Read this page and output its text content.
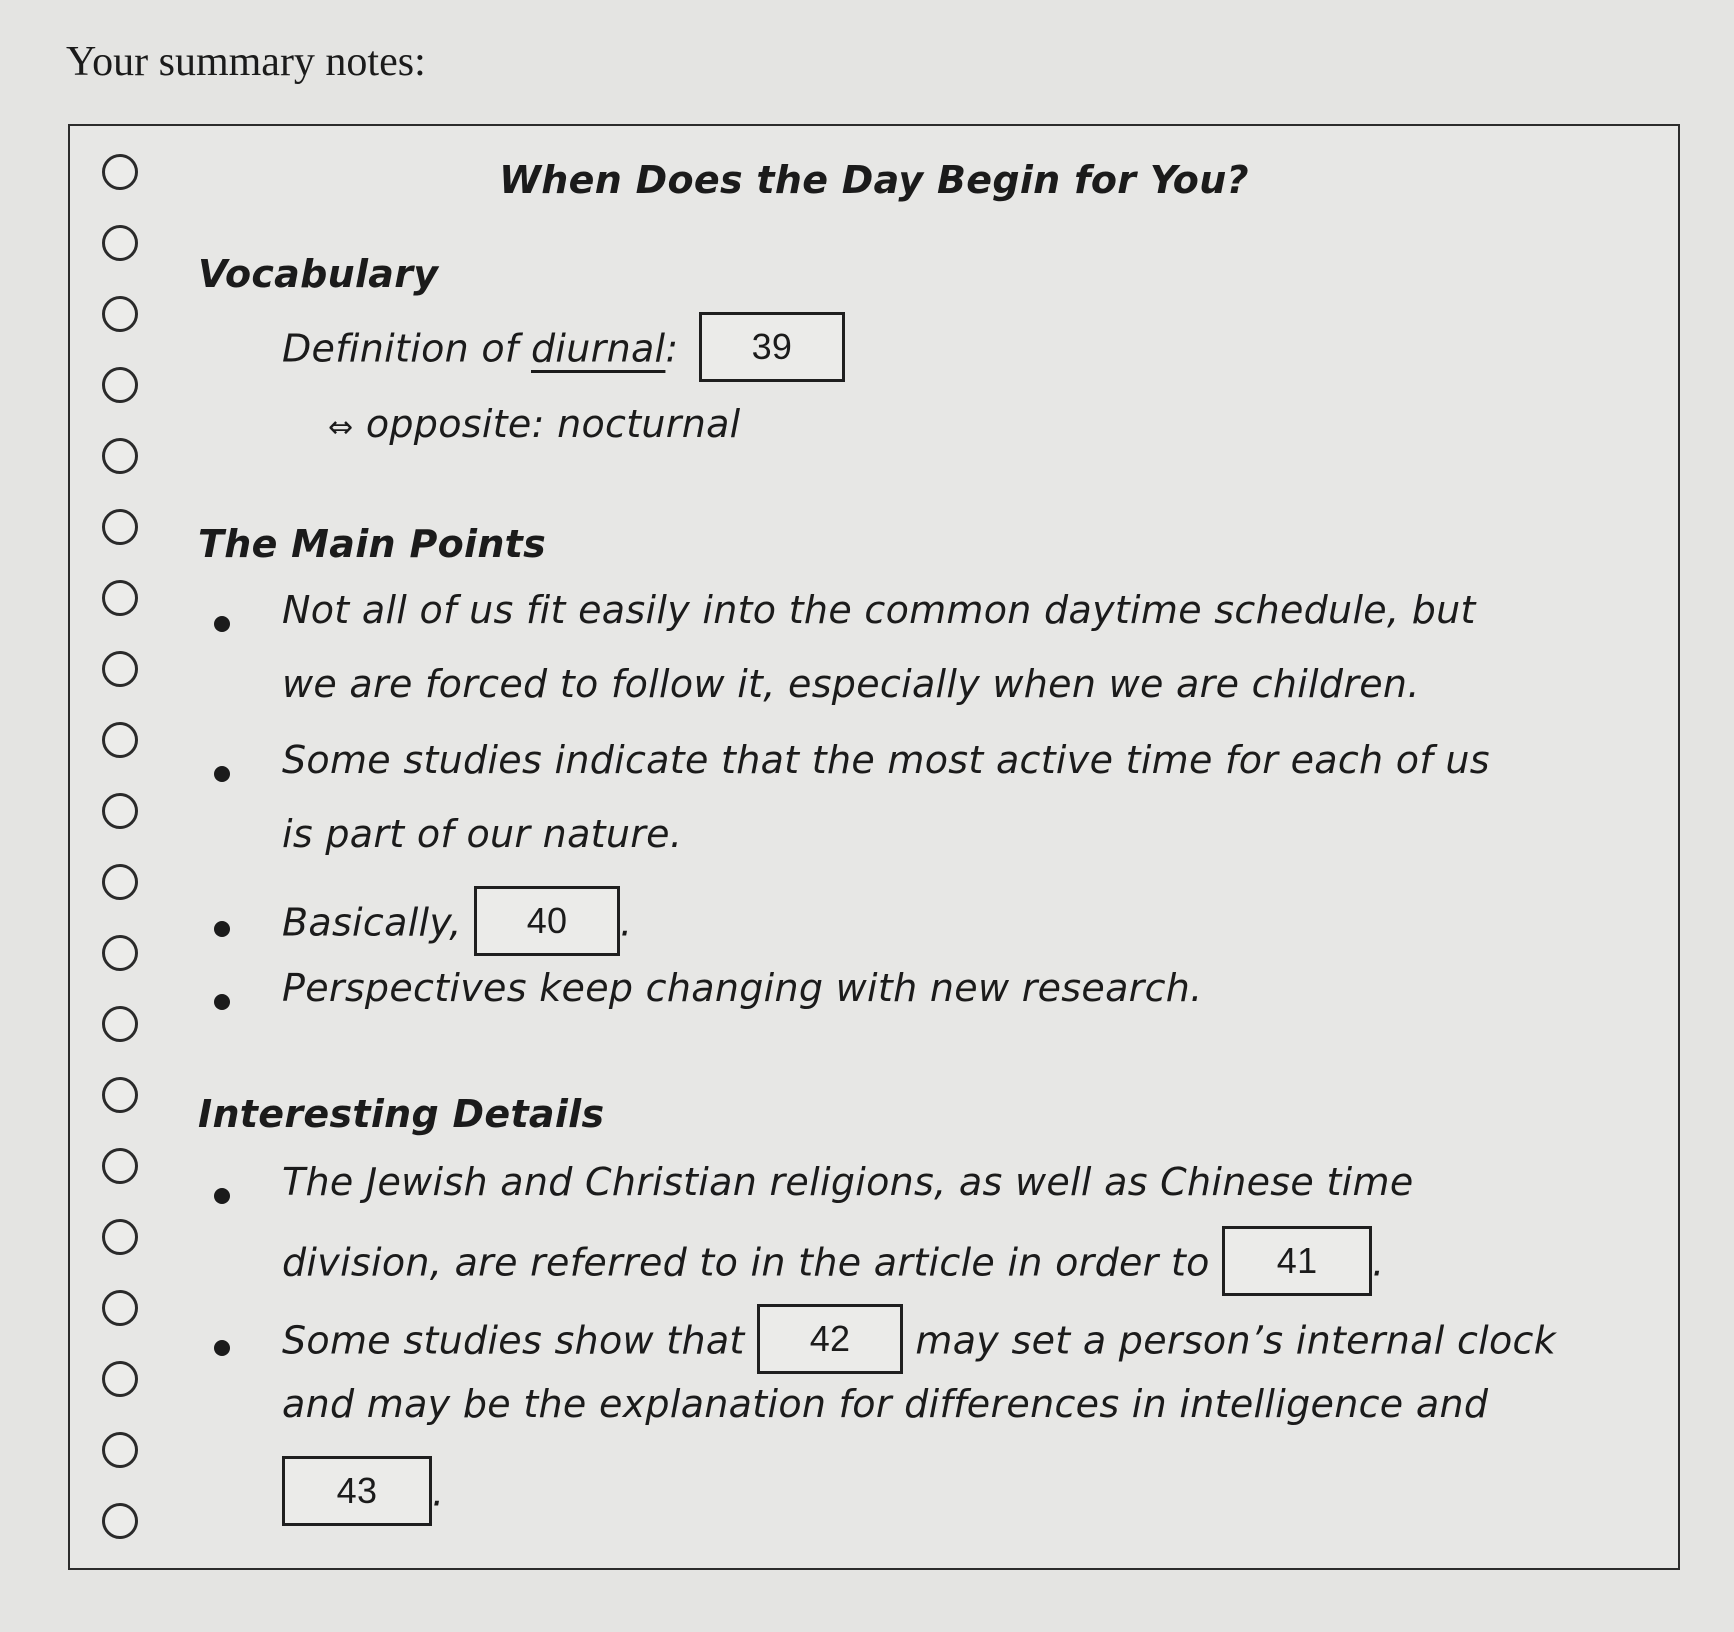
Your summary notes:

When Does the Day Begin for You?

Vocabulary

Definition of diurnal: 39

⇔ opposite: nocturnal

The Main Points

Not all of us fit easily into the common daytime schedule, but

we are forced to follow it, especially when we are children.

Some studies indicate that the most active time for each of us

is part of our nature.

Basically, 40 .

Perspectives keep changing with new research.

Interesting Details

The Jewish and Christian religions, as well as Chinese time

division, are referred to in the article in order to 41 .

Some studies show that 42 may set a person’s internal clock

and may be the explanation for differences in intelligence and

43 .
